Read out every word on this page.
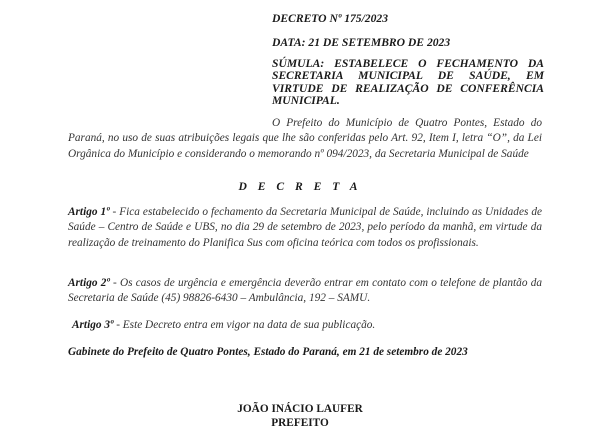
DECRETO Nº 175/2023
DATA: 21 DE SETEMBRO DE 2023
SÚMULA: ESTABELECE O FECHAMENTO DA SECRETARIA MUNICIPAL DE SAÚDE, EM VIRTUDE DE REALIZAÇÃO DE CONFERÊNCIA MUNICIPAL.
O Prefeito do Município de Quatro Pontes, Estado do Paraná, no uso de suas atribuições legais que lhe são conferidas pelo Art. 92, Item I, letra “O”, da Lei Orgânica do Município e considerando o memorando nº 094/2023, da Secretaria Municipal de Saúde
D E C R E T A
Artigo 1º - Fica estabelecido o fechamento da Secretaria Municipal de Saúde, incluindo as Unidades de Saúde – Centro de Saúde e UBS, no dia 29 de setembro de 2023, pelo período da manhã, em virtude da realização de treinamento do Planifica Sus com oficina teórica com todos os profissionais.
Artigo 2º - Os casos de urgência e emergência deverão entrar em contato com o telefone de plantão da Secretaria de Saúde (45) 98826-6430 – Ambulância, 192 – SAMU.
Artigo 3º - Este Decreto entra em vigor na data de sua publicação.
Gabinete do Prefeito de Quatro Pontes, Estado do Paraná, em 21 de setembro de 2023
JOÃO INÁCIO LAUFER
PREFEITO
